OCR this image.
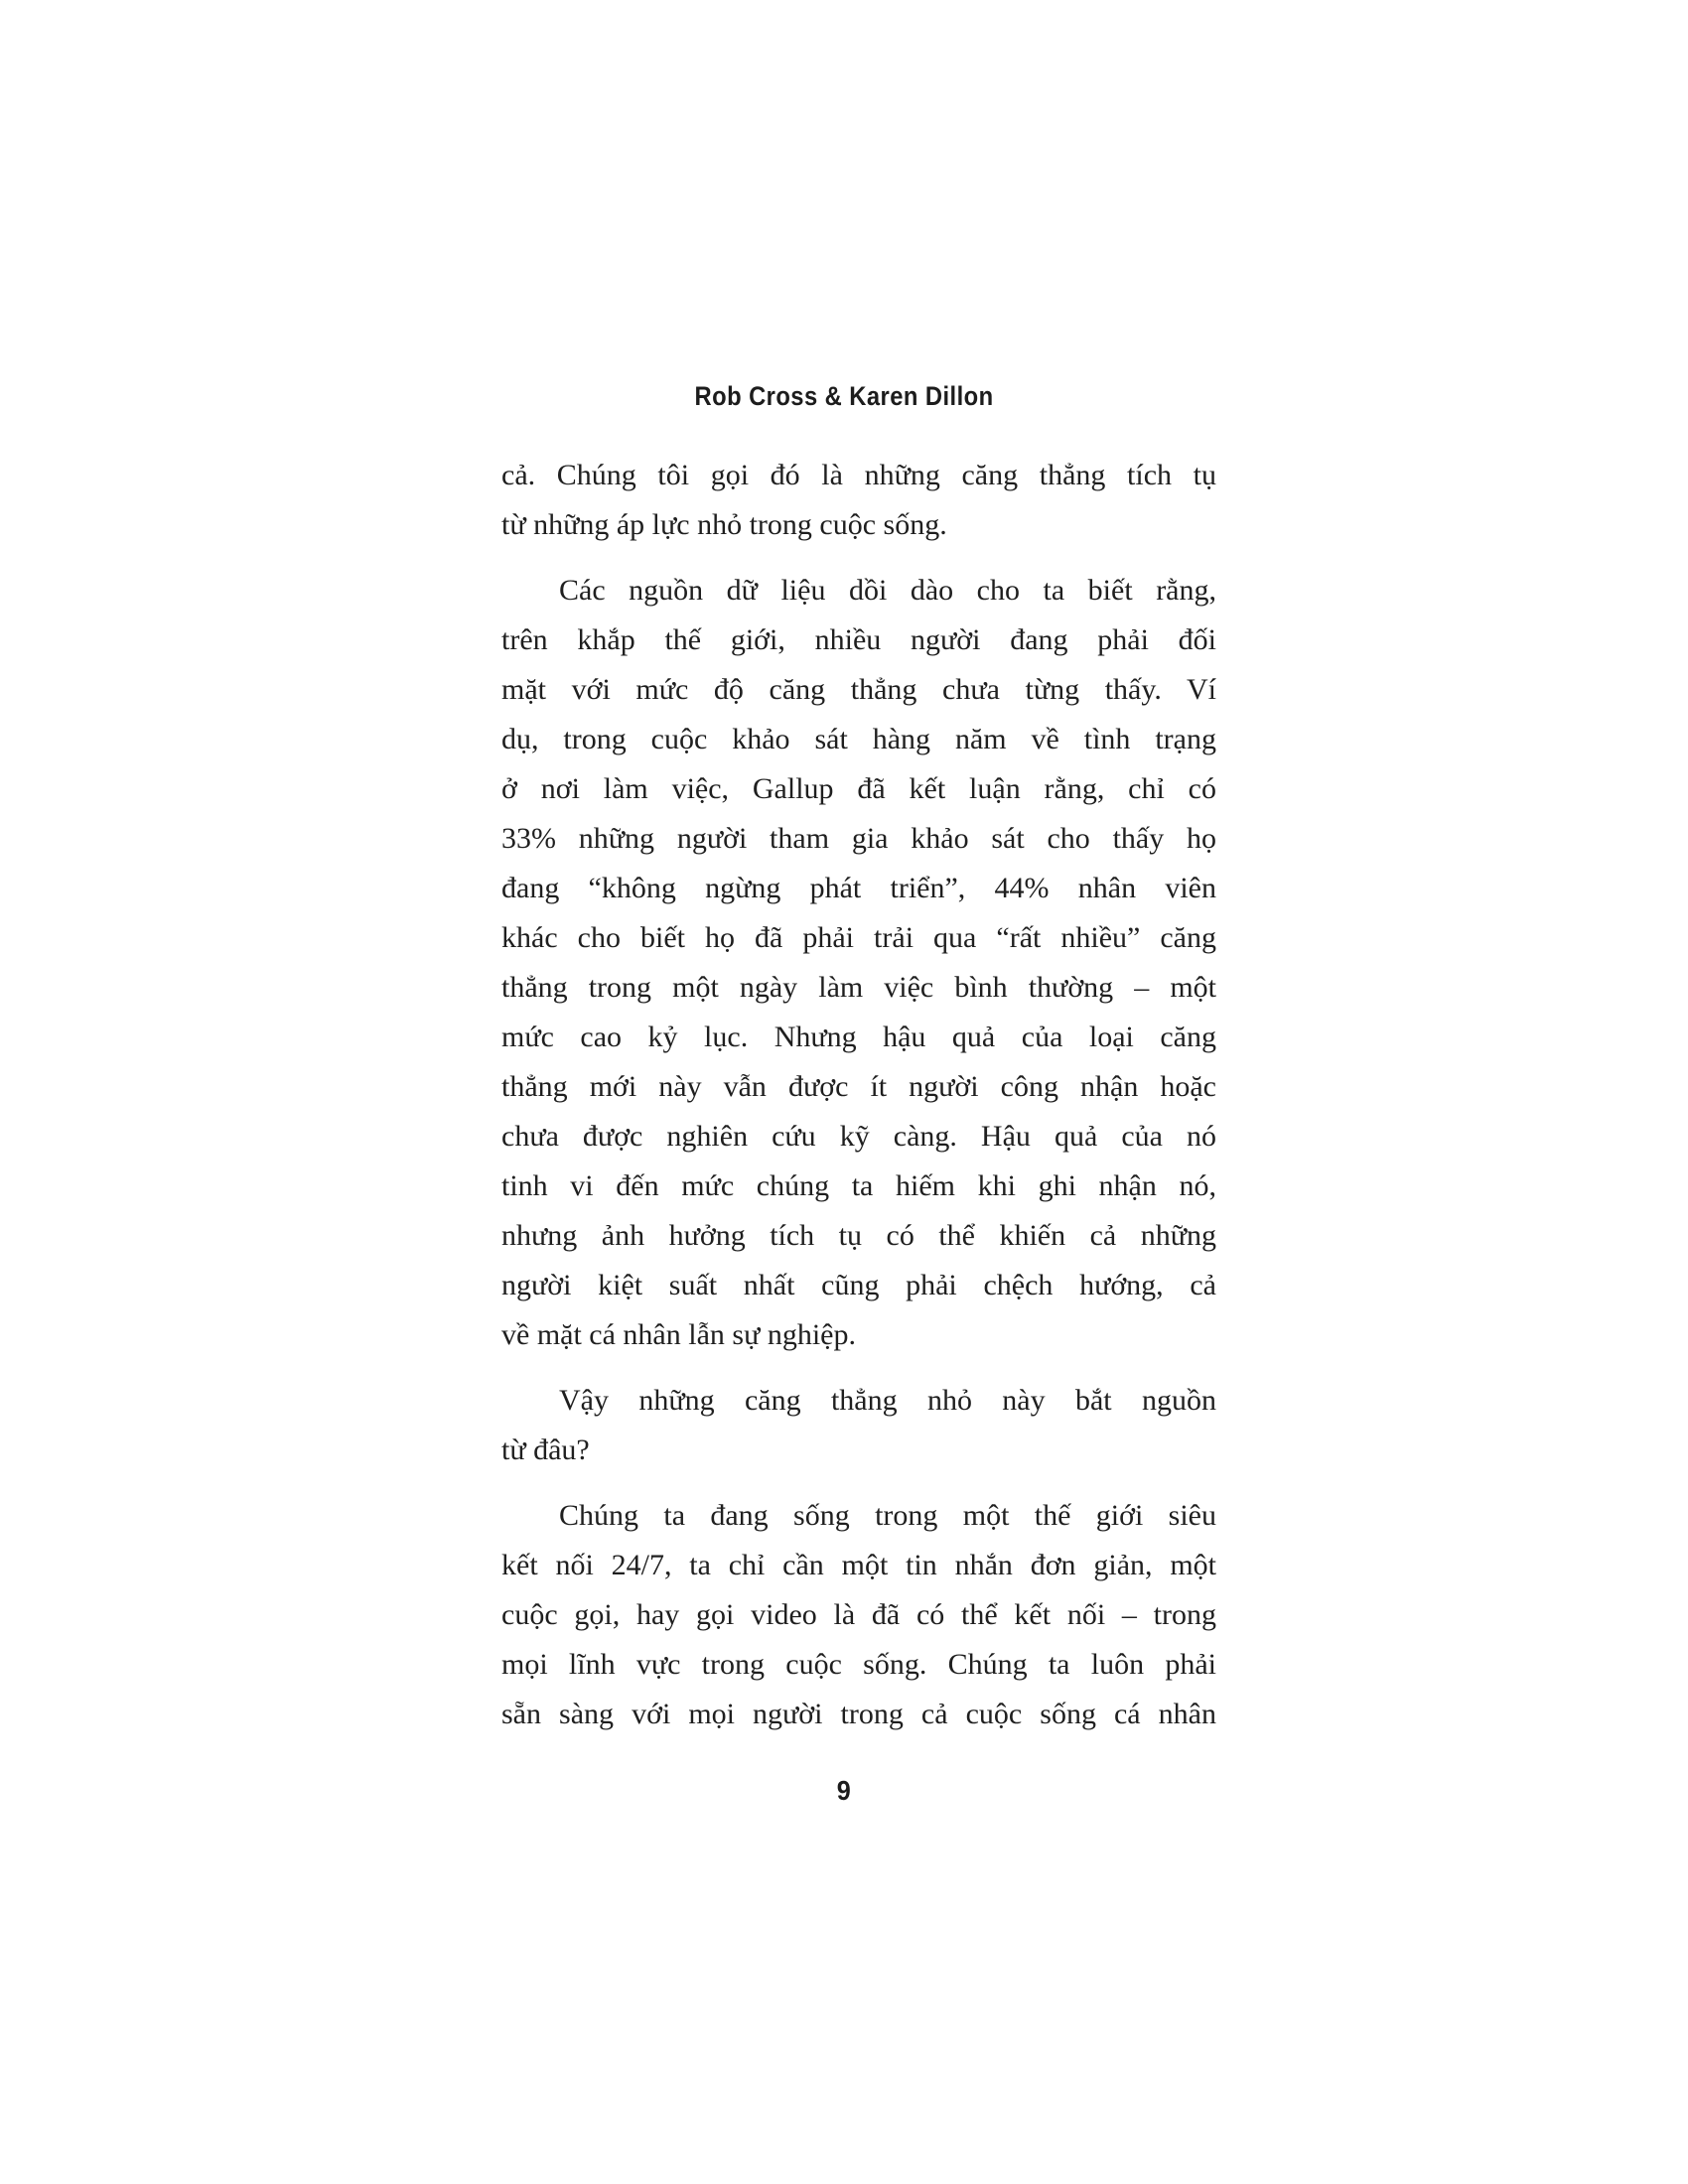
Rob Cross & Karen Dillon
cả. Chúng tôi gọi đó là những căng thẳng tích tụ
từ những áp lực nhỏ trong cuộc sống.
Các nguồn dữ liệu dồi dào cho ta biết rằng,
trên khắp thế giới, nhiều người đang phải đối
mặt với mức độ căng thẳng chưa từng thấy. Ví
dụ, trong cuộc khảo sát hàng năm về tình trạng
ở nơi làm việc, Gallup đã kết luận rằng, chỉ có
33% những người tham gia khảo sát cho thấy họ
đang “không ngừng phát triển”, 44% nhân viên
khác cho biết họ đã phải trải qua “rất nhiều” căng
thẳng trong một ngày làm việc bình thường – một
mức cao kỷ lục. Nhưng hậu quả của loại căng
thẳng mới này vẫn được ít người công nhận hoặc
chưa được nghiên cứu kỹ càng. Hậu quả của nó
tinh vi đến mức chúng ta hiếm khi ghi nhận nó,
nhưng ảnh hưởng tích tụ có thể khiến cả những
người kiệt suất nhất cũng phải chệch hướng, cả
về mặt cá nhân lẫn sự nghiệp.
Vậy những căng thẳng nhỏ này bắt nguồn
từ đâu?
Chúng ta đang sống trong một thế giới siêu
kết nối 24/7, ta chỉ cần một tin nhắn đơn giản, một
cuộc gọi, hay gọi video là đã có thể kết nối – trong
mọi lĩnh vực trong cuộc sống. Chúng ta luôn phải
sẵn sàng với mọi người trong cả cuộc sống cá nhân
9
